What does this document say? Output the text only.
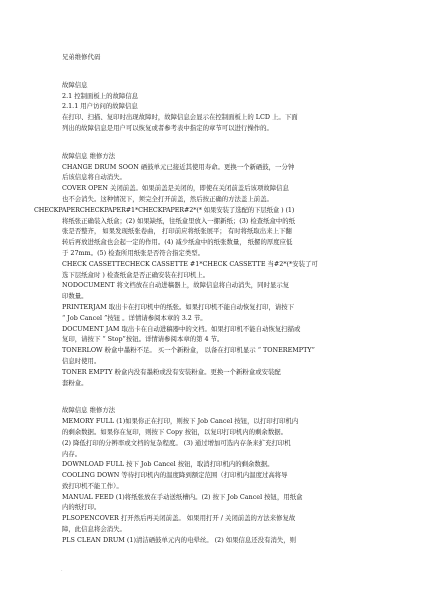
兄弟维修代码

故障信息

2.1 控制面板上的故障信息

2.1.1 用户访问的故障信息

在打印、扫描、复印时出现故障时，故障信息会显示在控制面板上的 LCD 上。下面

列出的故障信息是用户可以恢复或者参考表中指定的章节可以进行操作的。

故障信息 维修方法

CHANGE DRUM SOON 硒鼓单元已接近其使用寿命。更换一个新硒鼓，一分钟

后该信息将自动消失。

COVER OPEN 关闭前盖。如果前盖是关闭的，即使在关闭前盖后该项故障信息

也不会消失。这种情况下，须完全打开前盖，然后按正确的方法盖上前盖。

CHECKPAPERCHECKPAPER#1*CHECKPAPER#2*(* 如果安装了选配的下层纸盒 ) (1)

将纸张正确装入纸盒；(2) 如果缺纸，往纸盒里放入一摞新纸；(3) 检查纸盒中的纸

张是否整齐， 如果发现纸张卷曲， 打印前应将纸张展平； 有时将纸取出来上下翻

转后再放进纸盒也会起一定的作用。(4) 减少纸盒中的纸张数量， 纸摞的厚度应低

于 27mm。(5) 检查所用纸张是否符合指定类型。

CHECK CASSETTECHECK CASSETTE #1*CHECK CASSETTE 当#2*(*安装了可

选下层纸盒时 ) 检查纸盒是否正确安装在打印机上。

NODOCUMENT 将文档放在自动进稿器上，故障信息将自动消失，同时显示复

印数量。

PRINTERJAM 取出卡在打印机中的纸张。如果打印机不能自动恢复打印，请按下

“ Job Cancel ”按钮 。详情请参阅本章的 3.2 节。

DOCUMENT JAM 取出卡在自动进稿器中的文档。如果打印机不能自动恢复扫描或

复印，请按下 “ Stop”按钮。详情请参阅本章的第 4 节。

TONERLOW 粉盒中墨粉不足。 买一个新粉盒， 以备在打印机显示 “ TONEREMPTY”

信息时使用。

TONER EMPTY 粉盒内没有墨粉或没有安装粉盒。更换一个新粉盒或安装配

套粉盒。

故障信息 维修方法

MEMORY FULL (1)如果你正在打印，则按下 Job Cancel 按钮，以打印打印机内

的剩余数据。如果你在复印，则按下 Copy 按钮，以复印打印机内的剩余数据。

(2) 降低打印的分辨率或文档的复杂程度。 (3) 通过增加可选内存条来扩充打印机

内存。

DOWNLOAD FULL 按下 Job Cancel 按钮，取消打印机内的剩余数据。

COOLING DOWN 等待打印机内的温度降到额定范围（打印机内温度过高将导

致打印机不能工作）。

MANUAL FEED (1)将纸张放在手动送纸槽内。(2) 按下 Job Cancel 按钮，用纸盒

内的纸打印。

PLSOPENCOVER 打开然后再关闭前盖。 如果用打开 / 关闭前盖的方法来修复故

障，此信息将会消失。

PLS CLEAN DRUM (1)清洁硒鼓单元内的电晕丝。 (2) 如果信息还没有消失，则

.
